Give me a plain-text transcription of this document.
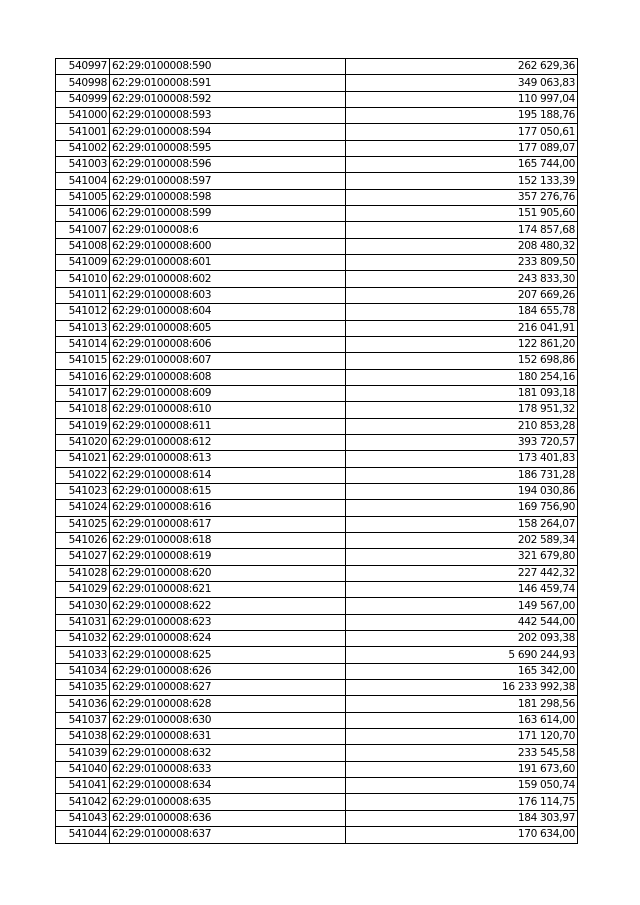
540997	62:29:0100008:590	262 629,36
540998	62:29:0100008:591	349 063,83
540999	62:29:0100008:592	110 997,04
541000	62:29:0100008:593	195 188,76
541001	62:29:0100008:594	177 050,61
541002	62:29:0100008:595	177 089,07
541003	62:29:0100008:596	165 744,00
541004	62:29:0100008:597	152 133,39
541005	62:29:0100008:598	357 276,76
541006	62:29:0100008:599	151 905,60
541007	62:29:0100008:6	174 857,68
541008	62:29:0100008:600	208 480,32
541009	62:29:0100008:601	233 809,50
541010	62:29:0100008:602	243 833,30
541011	62:29:0100008:603	207 669,26
541012	62:29:0100008:604	184 655,78
541013	62:29:0100008:605	216 041,91
541014	62:29:0100008:606	122 861,20
541015	62:29:0100008:607	152 698,86
541016	62:29:0100008:608	180 254,16
541017	62:29:0100008:609	181 093,18
541018	62:29:0100008:610	178 951,32
541019	62:29:0100008:611	210 853,28
541020	62:29:0100008:612	393 720,57
541021	62:29:0100008:613	173 401,83
541022	62:29:0100008:614	186 731,28
541023	62:29:0100008:615	194 030,86
541024	62:29:0100008:616	169 756,90
541025	62:29:0100008:617	158 264,07
541026	62:29:0100008:618	202 589,34
541027	62:29:0100008:619	321 679,80
541028	62:29:0100008:620	227 442,32
541029	62:29:0100008:621	146 459,74
541030	62:29:0100008:622	149 567,00
541031	62:29:0100008:623	442 544,00
541032	62:29:0100008:624	202 093,38
541033	62:29:0100008:625	5 690 244,93
541034	62:29:0100008:626	165 342,00
541035	62:29:0100008:627	16 233 992,38
541036	62:29:0100008:628	181 298,56
541037	62:29:0100008:630	163 614,00
541038	62:29:0100008:631	171 120,70
541039	62:29:0100008:632	233 545,58
541040	62:29:0100008:633	191 673,60
541041	62:29:0100008:634	159 050,74
541042	62:29:0100008:635	176 114,75
541043	62:29:0100008:636	184 303,97
541044	62:29:0100008:637	170 634,00
